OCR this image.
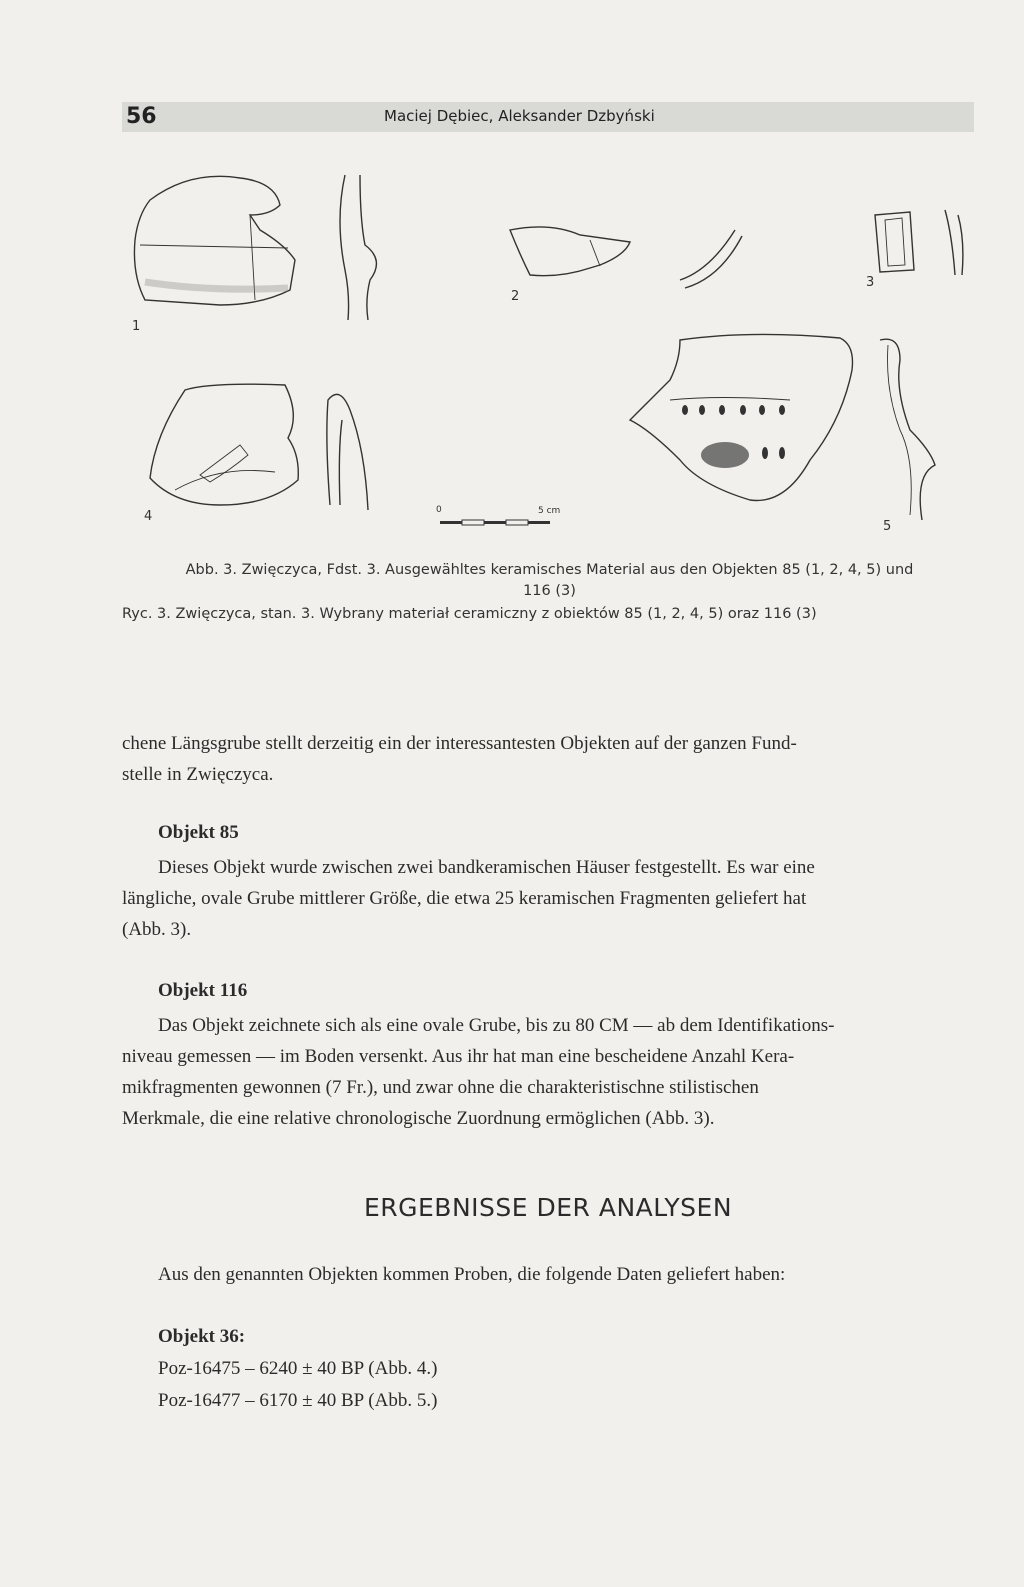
56	Maciej Dębiec, Aleksander Dzbyński
1
2
3
4
5
0	5 cm
Abb. 3. Zwięczyca, Fdst. 3. Ausgewähltes keramisches Material aus den Objekten 85 (1, 2, 4, 5) und
116 (3)
Ryc. 3. Zwięczyca, stan. 3. Wybrany materiał ceramiczny z obiektów 85 (1, 2, 4, 5) oraz 116 (3)
chene Längsgrube stellt derzeitig ein der interessantesten Objekten auf der ganzen Fund-
stelle in Zwięczyca.
Objekt 85
Dieses Objekt wurde zwischen zwei bandkeramischen Häuser festgestellt. Es war eine
längliche, ovale Grube mittlerer Größe, die etwa 25 keramischen Fragmenten geliefert hat
(Abb. 3).
Objekt 116
Das Objekt zeichnete sich als eine ovale Grube, bis zu 80 CM — ab dem Identifikations-
niveau gemessen — im Boden versenkt. Aus ihr hat man eine bescheidene Anzahl Kera-
mikfragmenten gewonnen (7 Fr.), und zwar ohne die charakteristischne stilistischen
Merkmale, die eine relative chronologische Zuordnung ermöglichen (Abb. 3).
ERGEBNISSE DER ANALYSEN
Aus den genannten Objekten kommen Proben, die folgende Daten geliefert haben:
Objekt 36:
Poz-16475 – 6240 ± 40 BP (Abb. 4.)
Poz-16477 – 6170 ± 40 BP (Abb. 5.)
